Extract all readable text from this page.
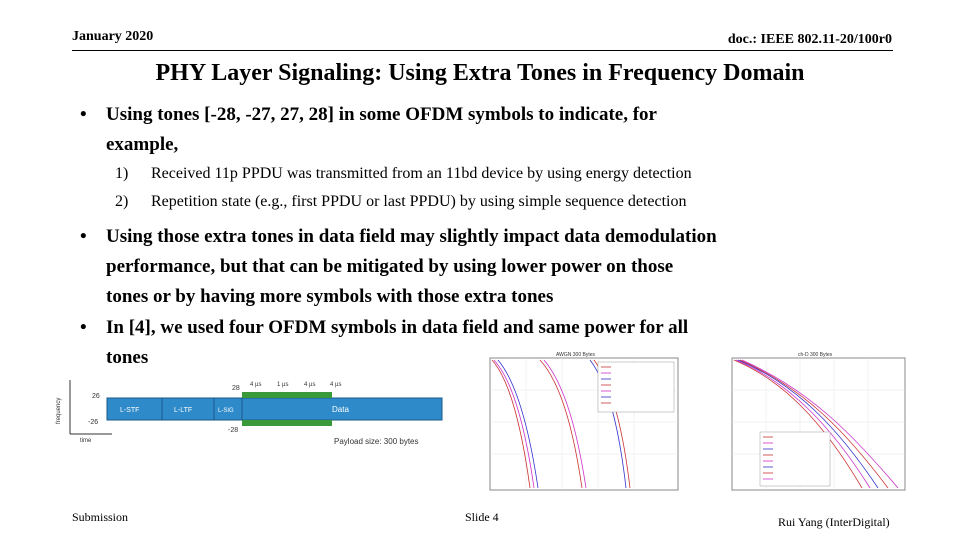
January 2020	doc.: IEEE 802.11-20/100r0
PHY Layer Signaling: Using Extra Tones in Frequency Domain
• Using tones [-28, -27, 27, 28] in some OFDM symbols to indicate, for
example,
1) Received 11p PPDU was transmitted from an 11bd device by using energy detection
2) Repetition state (e.g., first PPDU or last PPDU) by using simple sequence detection
• Using those extra tones in data field may slightly impact data demodulation
performance, but that can be mitigated by using lower power on those
tones or by having more symbols with those extra tones
• In [4], we used four OFDM symbols in data field and same power for all
tones
frequency
time
26
-26
L-STF	L-LTF	L-SIG	Data
28
-28
4 µs	1 µs	4 µs 4 µs
Payload size: 300 bytes
AWGN 300 Bytes	ch-D 300 Bytes
Submission	Slide 4	Rui Yang (InterDigital)
